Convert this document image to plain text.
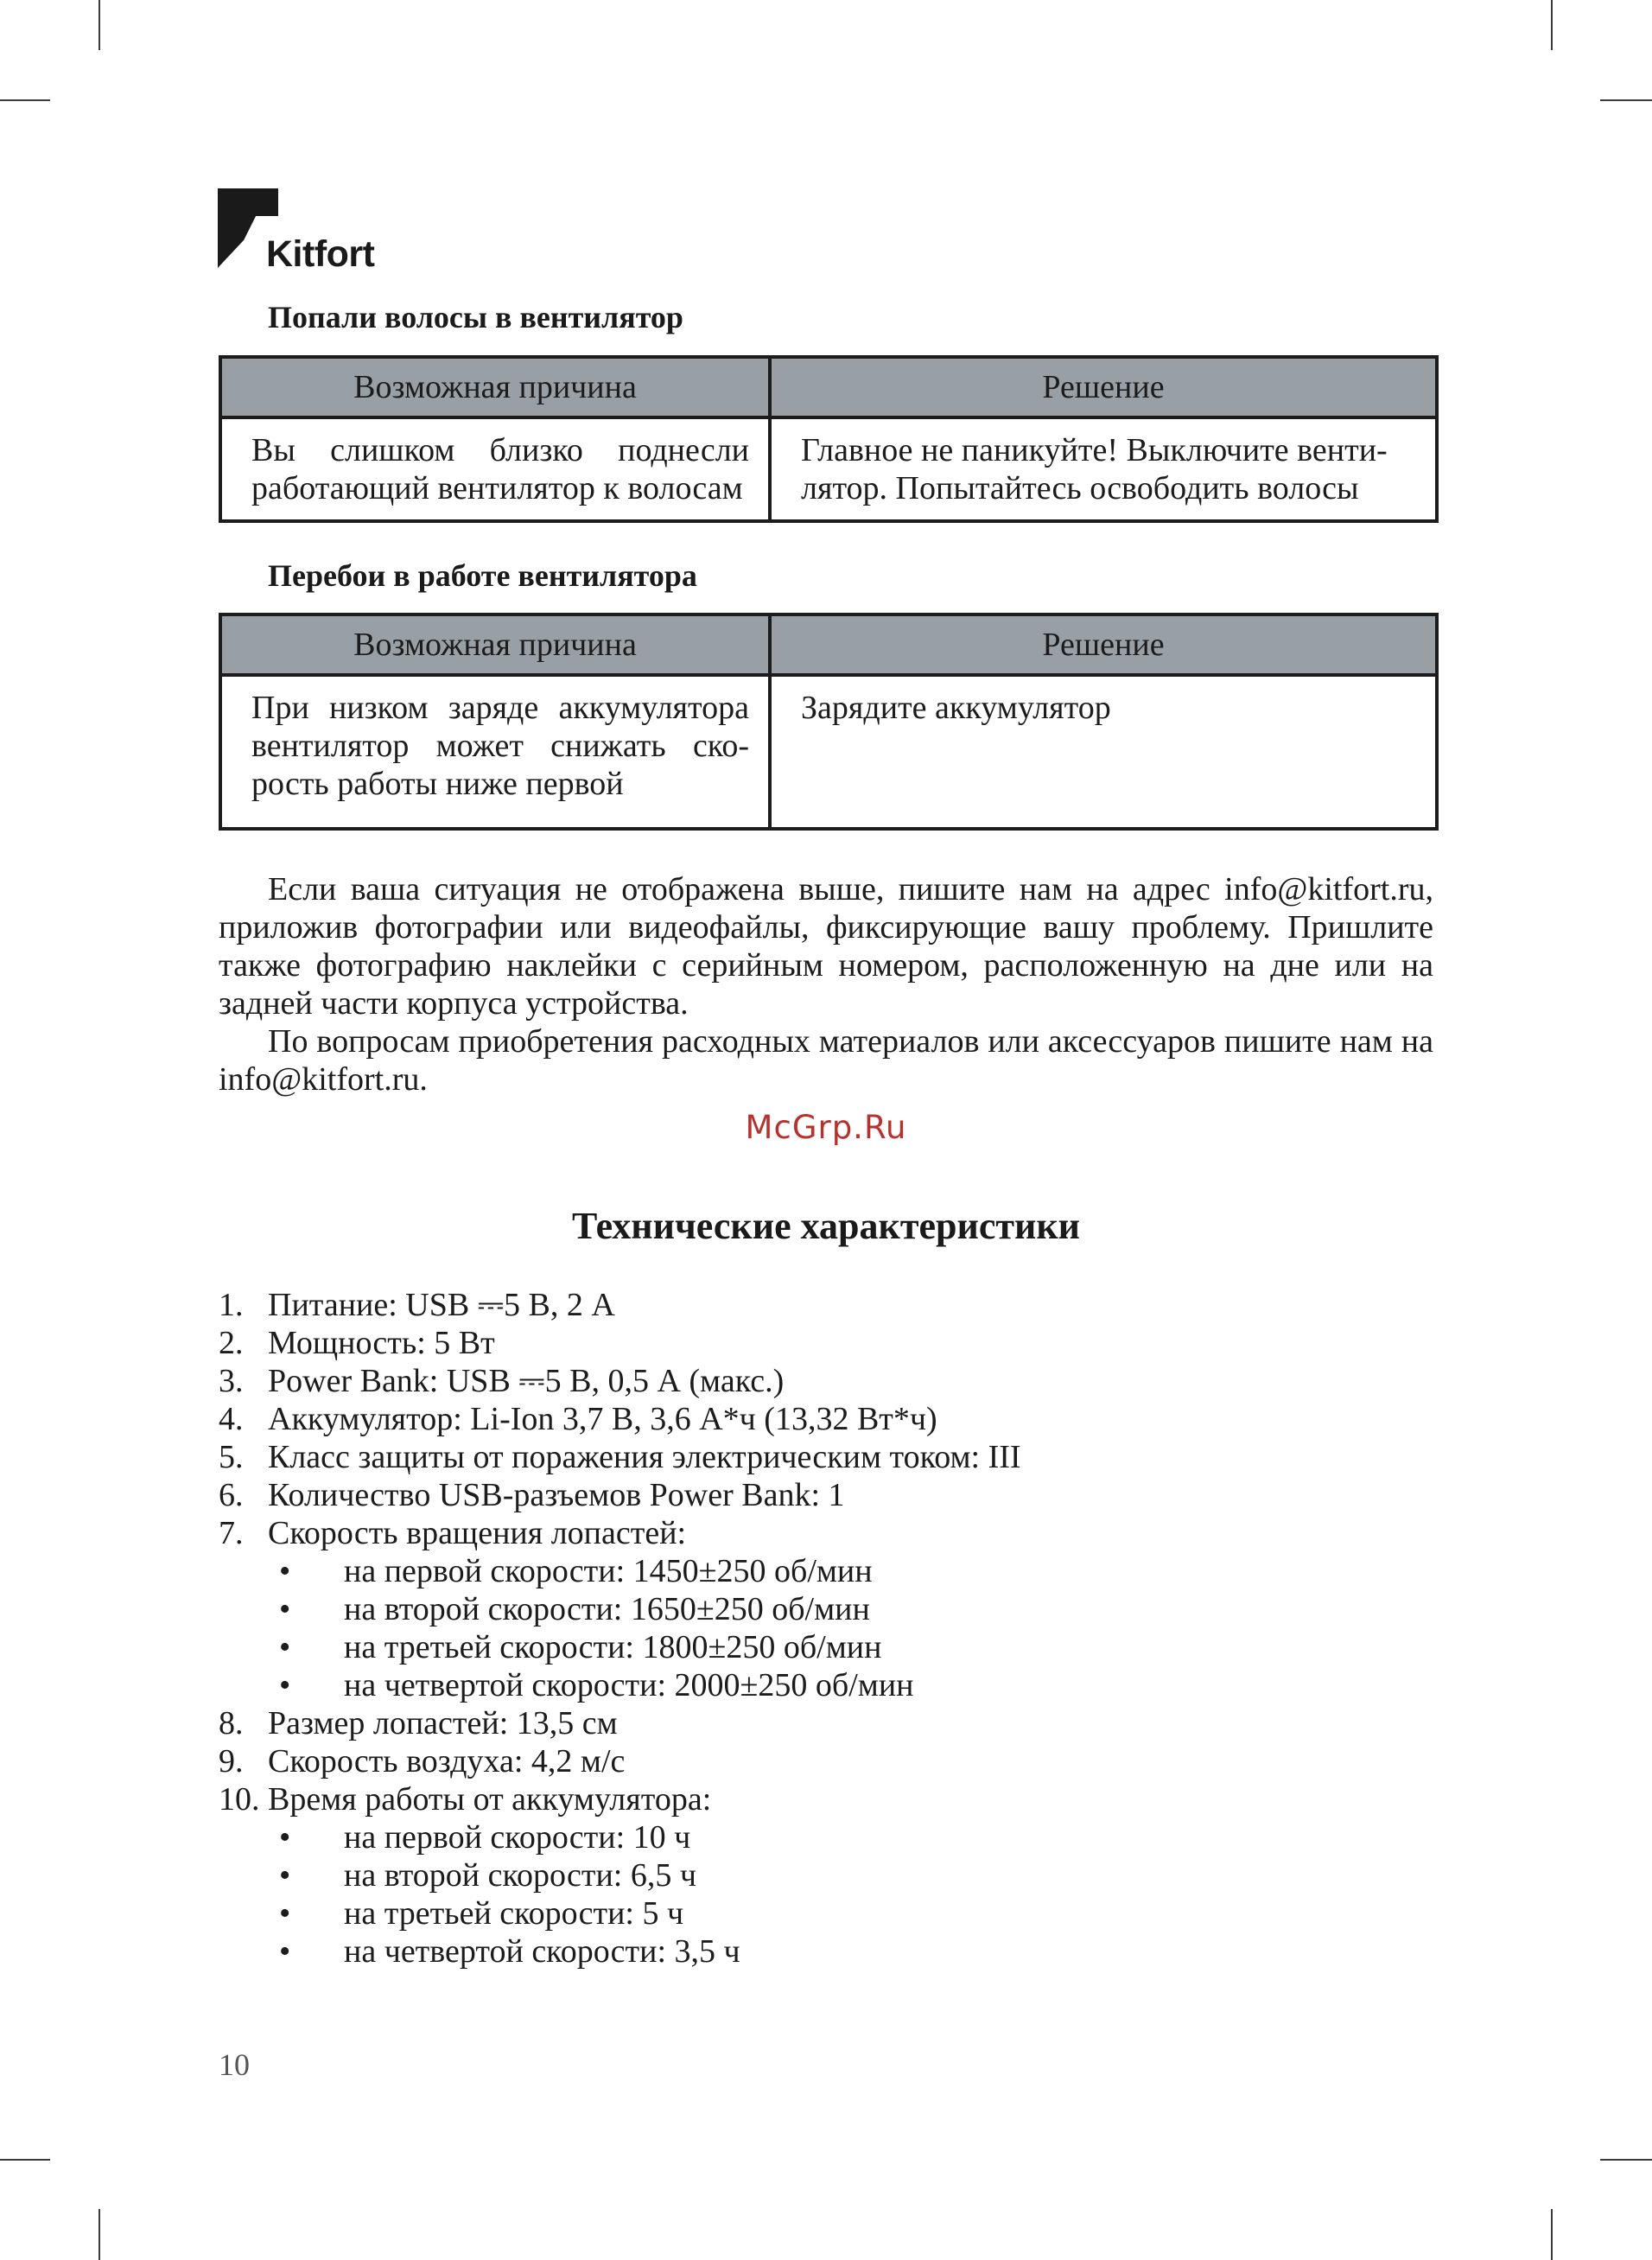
Kitfort
Попали волосы в вентилятор
Возможная причина	Решение
Вы слишком близко поднесли работающий вентилятор к волосам	Главное не паникуйте! Выключите венти-лятор. Попытайтесь освободить волосы
Перебои в работе вентилятора
Возможная причина	Решение
При низком заряде аккумулятора вентилятор может снижать ско-рость работы ниже первой	Зарядите аккумулятор

Если ваша ситуация не отображена выше, пишите нам на адрес info@kitfort.ru, приложив фотографии или видеофайлы, фиксирующие вашу проблему. Пришлите также фотографию наклейки с серийным номером, расположенную на дне или на задней части корпуса устройства.

По вопросам приобретения расходных материалов или аксессуаров пишите нам на info@kitfort.ru.

McGrp.Ru
Технические характеристики
1. Питание: USB ⎓5 В, 2 А
2. Мощность: 5 Вт
3. Power Bank: USB ⎓5 В, 0,5 А (макс.)
4. Аккумулятор: Li-Ion 3,7 В, 3,6 А*ч (13,32 Вт*ч)
5. Класс защиты от поражения электрическим током: III
6. Количество USB-разъемов Power Bank: 1
7. Скорость вращения лопастей:
• на первой скорости: 1450±250 об/мин
• на второй скорости: 1650±250 об/мин
• на третьей скорости: 1800±250 об/мин
• на четвертой скорости: 2000±250 об/мин
8. Размер лопастей: 13,5 см
9. Скорость воздуха: 4,2 м/с
10. Время работы от аккумулятора:
• на первой скорости: 10 ч
• на второй скорости: 6,5 ч
• на третьей скорости: 5 ч
• на четвертой скорости: 3,5 ч
10
